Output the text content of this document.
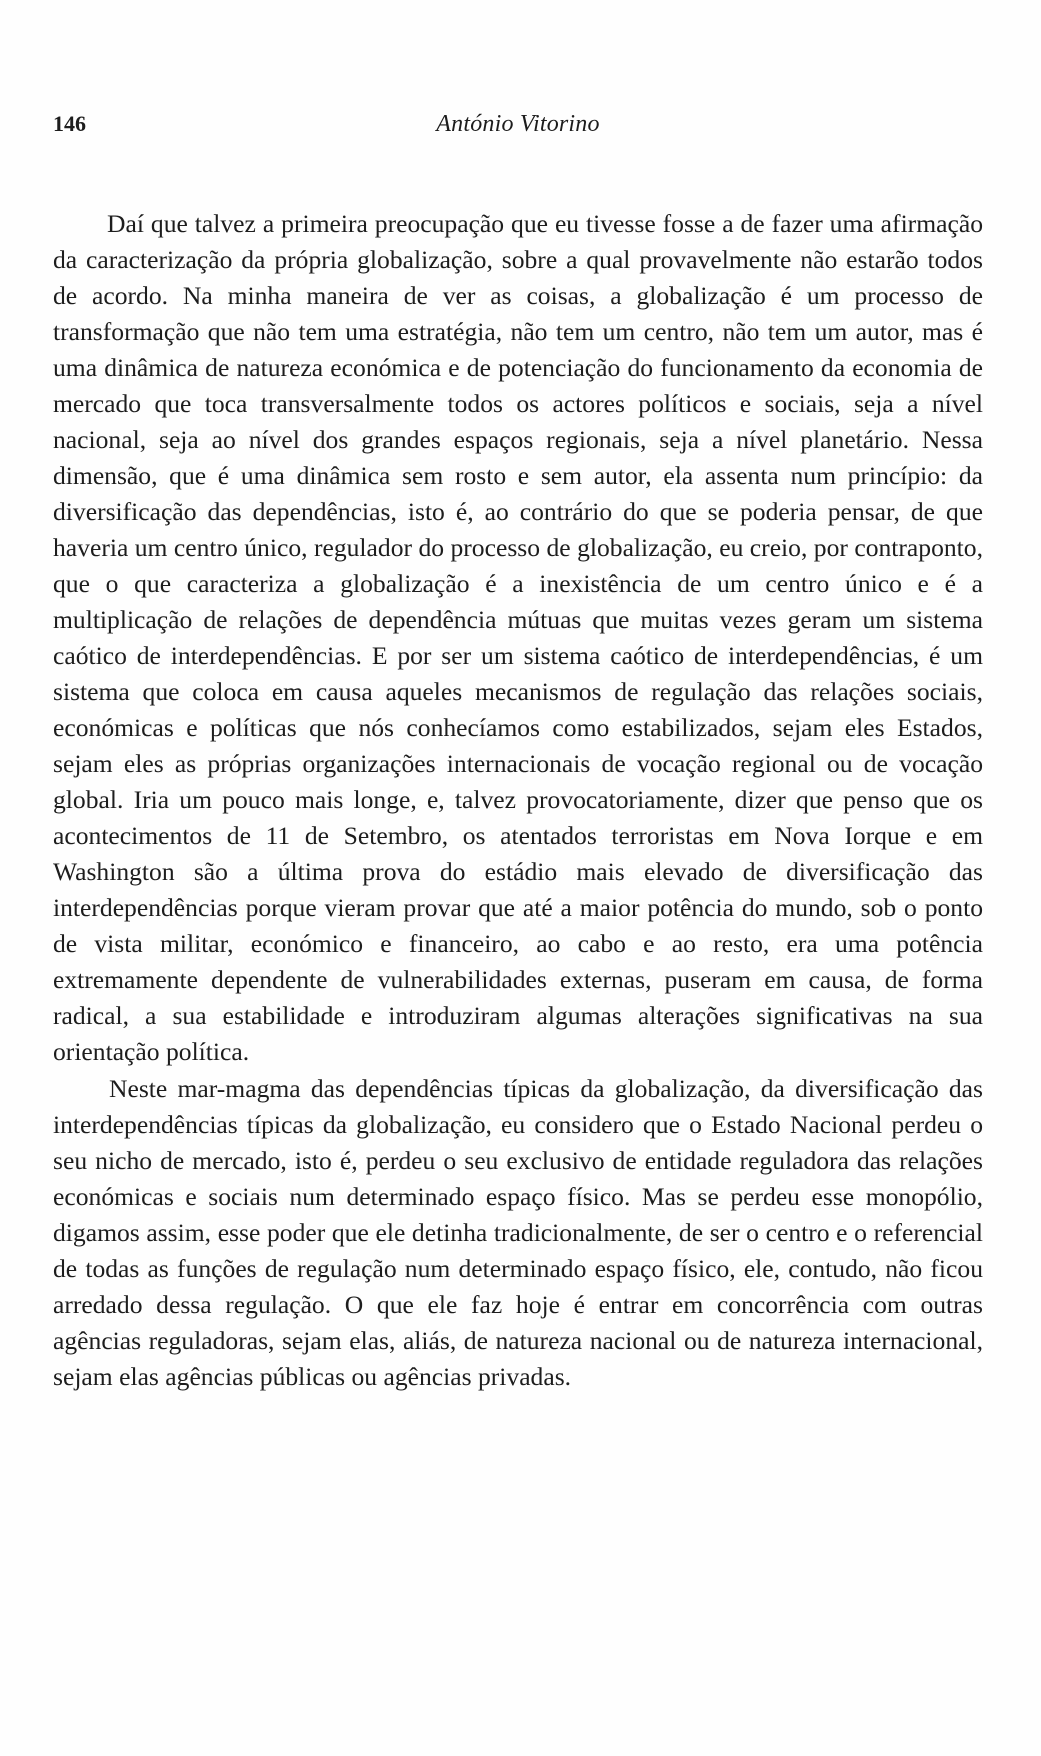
146	António Vitorino

Daí que talvez a primeira preocupação que eu tivesse fosse a de fazer uma afirmação da caracterização da própria globalização, sobre a qual provavelmente não estarão todos de acordo. Na minha maneira de ver as coisas, a globalização é um processo de transformação que não tem uma estratégia, não tem um centro, não tem um autor, mas é uma dinâmica de natureza económica e de potenciação do funcionamento da economia de mercado que toca transversalmente todos os actores políticos e sociais, seja a nível nacional, seja ao nível dos grandes espaços regionais, seja a nível planetário. Nessa dimensão, que é uma dinâmica sem rosto e sem autor, ela assenta num princípio: da diversificação das dependências, isto é, ao contrário do que se poderia pensar, de que haveria um centro único, regulador do processo de globalização, eu creio, por contraponto, que o que caracteriza a globalização é a inexistência de um centro único e é a multiplicação de relações de dependência mútuas que muitas vezes geram um sistema caótico de interdependências. E por ser um sistema caótico de interdependências, é um sistema que coloca em causa aqueles mecanismos de regulação das relações sociais, económicas e políticas que nós conhecíamos como estabilizados, sejam eles Estados, sejam eles as próprias organizações internacionais de vocação regional ou de vocação global. Iria um pouco mais longe, e, talvez provocatoriamente, dizer que penso que os acontecimentos de 11 de Setembro, os atentados terroristas em Nova Iorque e em Washington são a última prova do estádio mais elevado de diversificação das interdependências porque vieram provar que até a maior potência do mundo, sob o ponto de vista militar, económico e financeiro, ao cabo e ao resto, era uma potência extremamente dependente de vulnerabilidades externas, puseram em causa, de forma radical, a sua estabilidade e introduziram algumas alterações significativas na sua orientação política.

Neste mar-magma das dependências típicas da globalização, da diversificação das interdependências típicas da globalização, eu considero que o Estado Nacional perdeu o seu nicho de mercado, isto é, perdeu o seu exclusivo de entidade reguladora das relações económicas e sociais num determinado espaço físico. Mas se perdeu esse monopólio, digamos assim, esse poder que ele detinha tradicionalmente, de ser o centro e o referencial de todas as funções de regulação num determinado espaço físico, ele, contudo, não ficou arredado dessa regulação. O que ele faz hoje é entrar em concorrência com outras agências reguladoras, sejam elas, aliás, de natureza nacional ou de natureza internacional, sejam elas agências públicas ou agências privadas.
